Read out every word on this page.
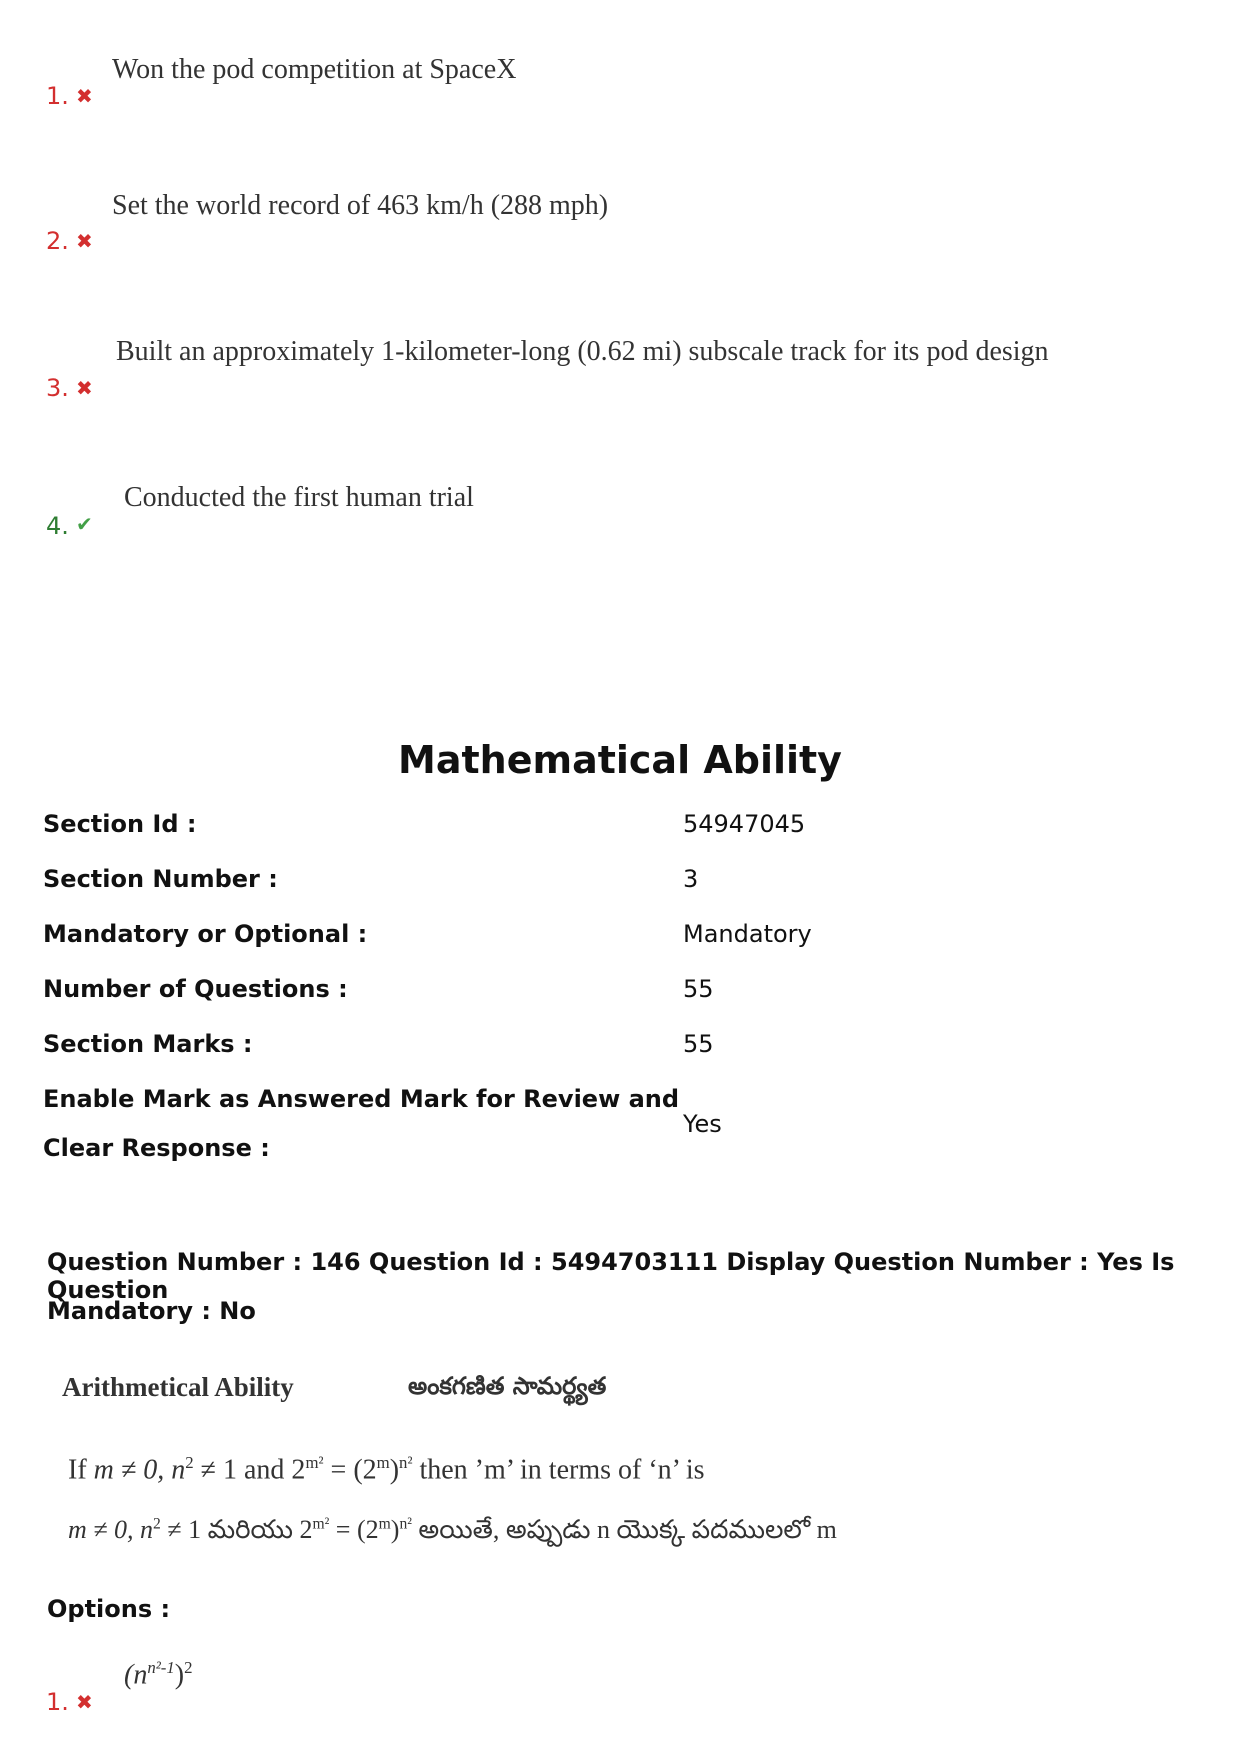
1. ✖
Won the pod competition at SpaceX
2. ✖
Set the world record of 463 km/h (288 mph)
3. ✖
Built an approximately 1-kilometer-long (0.62 mi) subscale track for its pod design
4. ✔
Conducted the first human trial
Mathematical Ability
Section Id :	54947045
Section Number :	3
Mandatory or Optional :	Mandatory
Number of Questions :	55
Section Marks :	55
Enable Mark as Answered Mark for Review and
Clear Response :
Yes
Question Number : 146 Question Id : 5494703111 Display Question Number : Yes Is Question
Mandatory : No
Arithmetical Ability	అంకగణిత సామర్థ్యత
If m ≠ 0, $n^2 \ne 1$ and $2^{m^2} = (2^m)^{n^2}$ then ’m’ in terms of ‘n’ is
m ≠ 0, $n^2 \ne 1$ మరియు $2^{m^2} = (2^m)^{n^2}$ అయితే, అప్పుడు n యొక్క పదములలో m
Options :
1. ✖
$(n^{n^2-1})^2$
